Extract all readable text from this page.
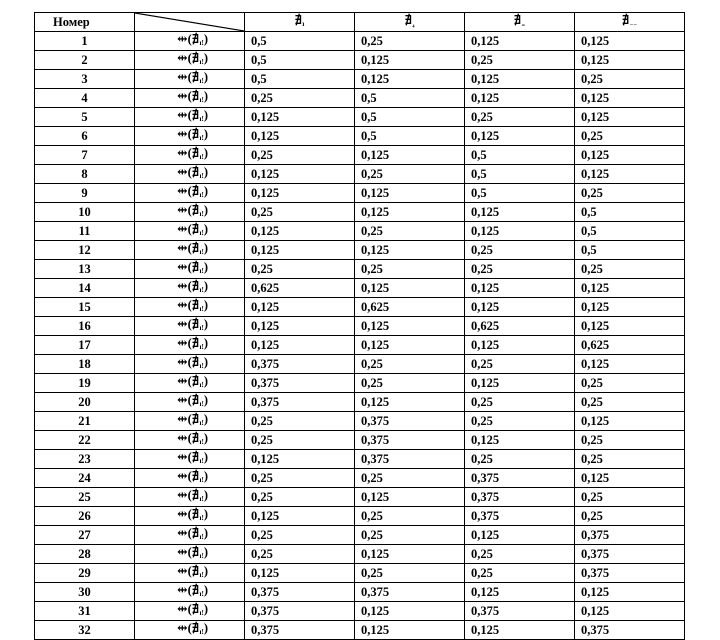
Номер		$∄_ı$	$∄_{_4}$	$∄_{_=}$	$∄_{_{--}}$
1	$⇹(∄_{ı!})$	0,5	0,25	0,125	0,125
2	$⇹(∄_{ı!})$	0,5	0,125	0,25	0,125
3	$⇹(∄_{ı!})$	0,5	0,125	0,125	0,25
4	$⇹(∄_{ı!})$	0,25	0,5	0,125	0,125
5	$⇹(∄_{ı!})$	0,125	0,5	0,25	0,125
6	$⇹(∄_{ı!})$	0,125	0,5	0,125	0,25
7	$⇹(∄_{ı!})$	0,25	0,125	0,5	0,125
8	$⇹(∄_{ı!})$	0,125	0,25	0,5	0,125
9	$⇹(∄_{ı!})$	0,125	0,125	0,5	0,25
10	$⇹(∄_{ı!})$	0,25	0,125	0,125	0,5
11	$⇹(∄_{ı!})$	0,125	0,25	0,125	0,5
12	$⇹(∄_{ı!})$	0,125	0,125	0,25	0,5
13	$⇹(∄_{ı!})$	0,25	0,25	0,25	0,25
14	$⇹(∄_{ı!})$	0,625	0,125	0,125	0,125
15	$⇹(∄_{ı!})$	0,125	0,625	0,125	0,125
16	$⇹(∄_{ı!})$	0,125	0,125	0,625	0,125
17	$⇹(∄_{ı!})$	0,125	0,125	0,125	0,625
18	$⇹(∄_{ı!})$	0,375	0,25	0,25	0,125
19	$⇹(∄_{ı!})$	0,375	0,25	0,125	0,25
20	$⇹(∄_{ı!})$	0,375	0,125	0,25	0,25
21	$⇹(∄_{ı!})$	0,25	0,375	0,25	0,125
22	$⇹(∄_{ı!})$	0,25	0,375	0,125	0,25
23	$⇹(∄_{ı!})$	0,125	0,375	0,25	0,25
24	$⇹(∄_{ı!})$	0,25	0,25	0,375	0,125
25	$⇹(∄_{ı!})$	0,25	0,125	0,375	0,25
26	$⇹(∄_{ı!})$	0,125	0,25	0,375	0,25
27	$⇹(∄_{ı!})$	0,25	0,25	0,125	0,375
28	$⇹(∄_{ı!})$	0,25	0,125	0,25	0,375
29	$⇹(∄_{ı!})$	0,125	0,25	0,25	0,375
30	$⇹(∄_{ı!})$	0,375	0,375	0,125	0,125
31	$⇹(∄_{ı!})$	0,375	0,125	0,375	0,125
32	$⇹(∄_{ı!})$	0,375	0,125	0,125	0,375
